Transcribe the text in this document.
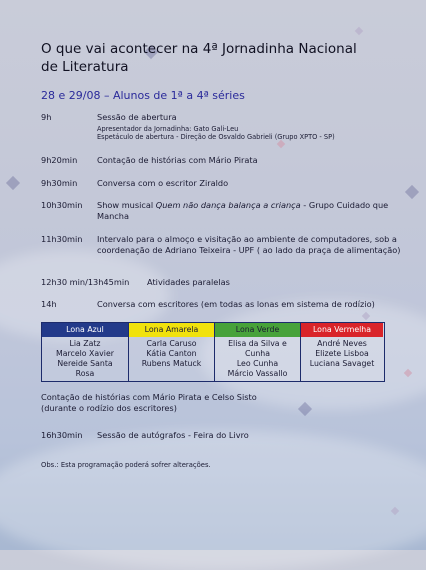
O que vai acontecer na 4ª Jornadinha Nacional de Literatura
28 e 29/08 – Alunos de 1ª a 4ª séries
9h	Sessão de abertura
Apresentador da Jornadinha: Gato Gali-Leu
Espetáculo de abertura - Direção de Osvaldo Gabrieli (Grupo XPTO - SP)
9h20min Contação de histórias com Mário Pirata
9h30min Conversa com o escritor Ziraldo
10h30min Show musical Quem não dança balança a criança - Grupo Cuidado que Mancha
11h30min Intervalo para o almoço e visitação ao ambiente de computadores, sob a coordenação de Adriano Teixeira - UPF ( ao lado da praça de alimentação)
12h30 min/13h45min Atividades paralelas
14h	Conversa com escritores (em todas as lonas em sistema de rodízio)
Lona Azul
Lia Zatz
Marcelo Xavier
Nereide Santa
Rosa
Lona Amarela
Carla Caruso
Kátia Canton
Rubens Matuck
Lona Verde
Elisa da Silva e
Cunha
Leo Cunha
Márcio Vassallo
Lona Vermelha
André Neves
Elizete Lisboa
Luciana Savaget
Contação de histórias com Mário Pirata e Celso Sisto
(durante o rodízio dos escritores)
16h30min Sessão de autógrafos - Feira do Livro
Obs.: Esta programação poderá sofrer alterações.
